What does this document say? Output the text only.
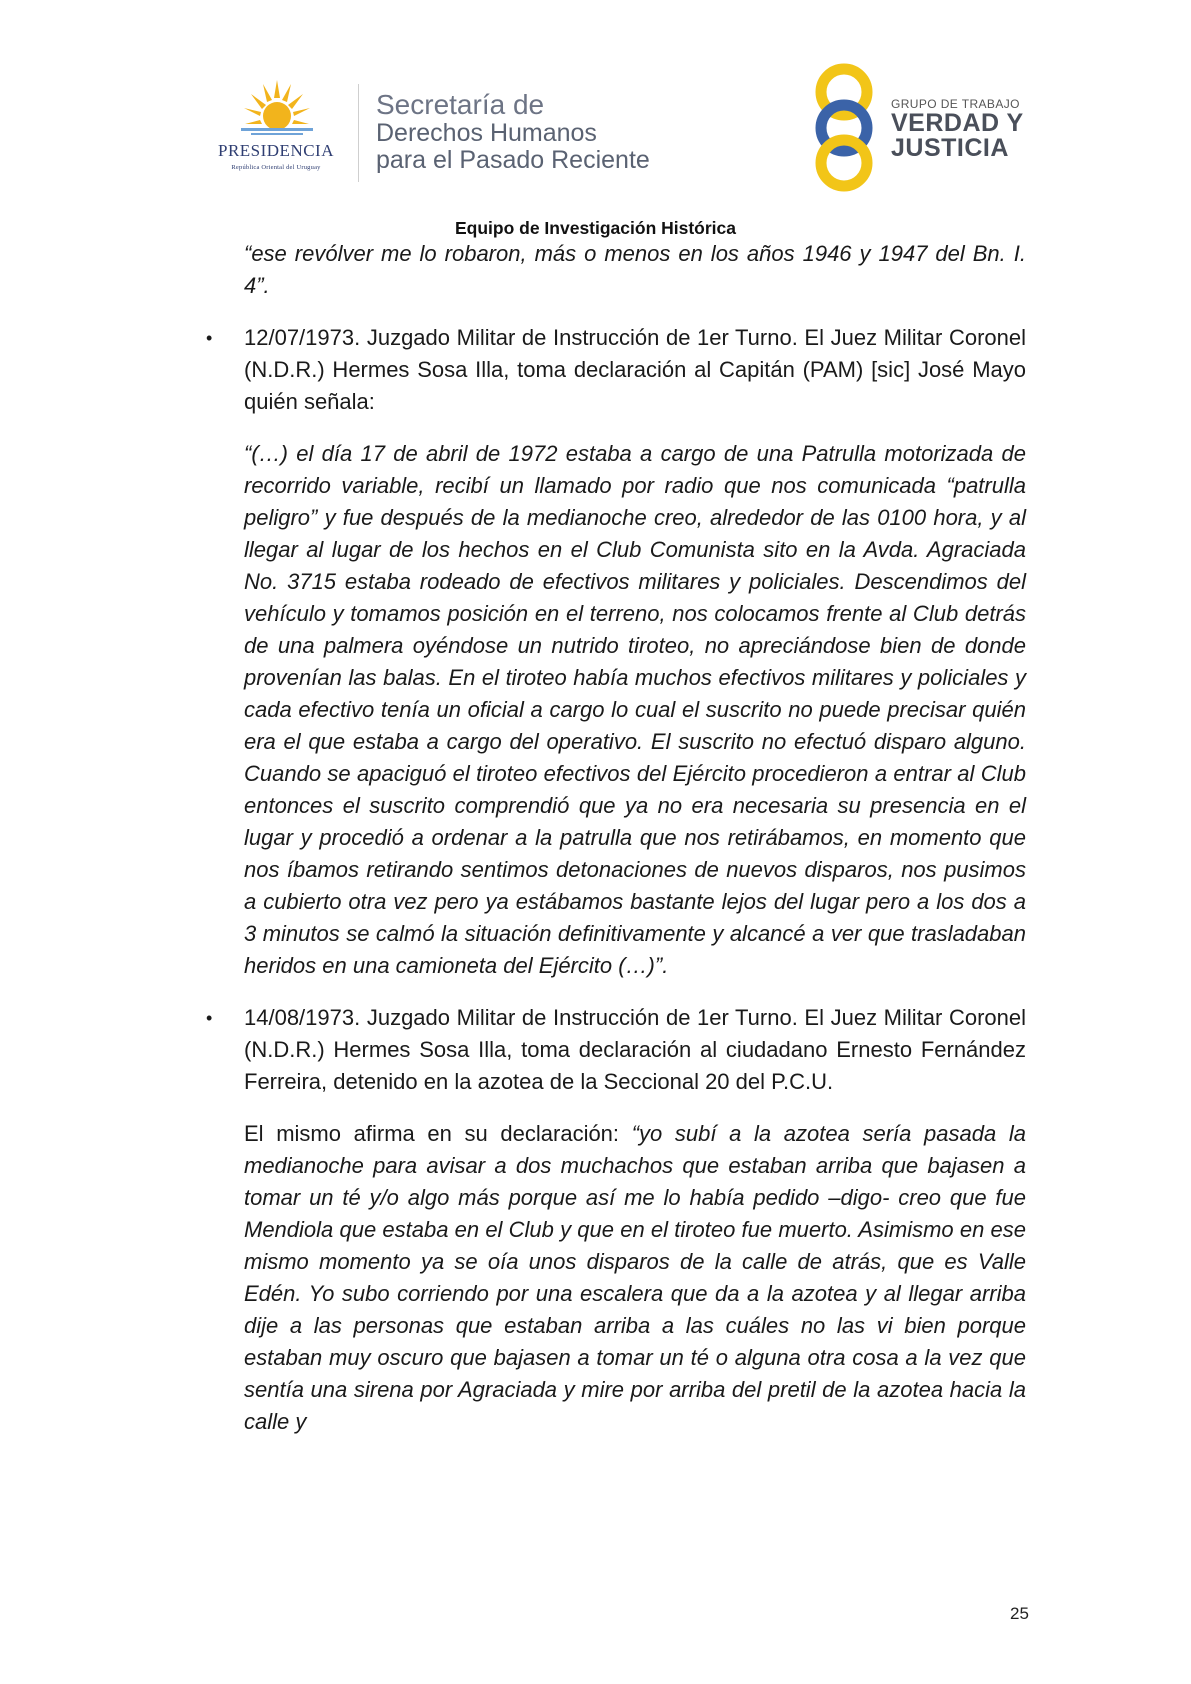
PRESIDENCIA
República Oriental del Uruguay
Secretaría de
Derechos Humanos
para el Pasado Reciente
GRUPO DE TRABAJO
VERDAD Y
JUSTICIA
Equipo de Investigación Histórica

“ese revólver me lo robaron, más o menos en los años 1946 y 1947 del Bn. I. 4”.

• 12/07/1973. Juzgado Militar de Instrucción de 1er Turno. El Juez Militar Coronel (N.D.R.) Hermes Sosa Illa, toma declaración al Capitán (PAM) [sic] José Mayo quién señala:

“(…) el día 17 de abril de 1972 estaba a cargo de una Patrulla motorizada de recorrido variable, recibí un llamado por radio que nos comunicada “patrulla peligro” y fue después de la medianoche creo, alrededor de las 0100 hora, y al llegar al lugar de los hechos en el Club Comunista sito en la Avda. Agraciada No. 3715 estaba rodeado de efectivos militares y policiales. Descendimos del vehículo y tomamos posición en el terreno, nos colocamos frente al Club detrás de una palmera oyéndose un nutrido tiroteo, no apreciándose bien de donde provenían las balas. En el tiroteo había muchos efectivos militares y policiales y cada efectivo tenía un oficial a cargo lo cual el suscrito no puede precisar quién era el que estaba a cargo del operativo. El suscrito no efectuó disparo alguno. Cuando se apaciguó el tiroteo efectivos del Ejército procedieron a entrar al Club entonces el suscrito comprendió que ya no era necesaria su presencia en el lugar y procedió a ordenar a la patrulla que nos retirábamos, en momento que nos íbamos retirando sentimos detonaciones de nuevos disparos, nos pusimos a cubierto otra vez pero ya estábamos bastante lejos del lugar pero a los dos a 3 minutos se calmó la situación definitivamente y alcancé a ver que trasladaban heridos en una camioneta del Ejército (…)”.

• 14/08/1973. Juzgado Militar de Instrucción de 1er Turno. El Juez Militar Coronel (N.D.R.) Hermes Sosa Illa, toma declaración al ciudadano Ernesto Fernández Ferreira, detenido en la azotea de la Seccional 20 del P.C.U.

El mismo afirma en su declaración: “yo subí a la azotea sería pasada la medianoche para avisar a dos muchachos que estaban arriba que bajasen a tomar un té y/o algo más porque así me lo había pedido –digo- creo que fue Mendiola que estaba en el Club y que en el tiroteo fue muerto. Asimismo en ese mismo momento ya se oía unos disparos de la calle de atrás, que es Valle Edén. Yo subo corriendo por una escalera que da a la azotea y al llegar arriba dije a las personas que estaban arriba a las cuáles no las vi bien porque estaban muy oscuro que bajasen a tomar un té o alguna otra cosa a la vez que sentía una sirena por Agraciada y mire por arriba del pretil de la azotea hacia la calle y

25
